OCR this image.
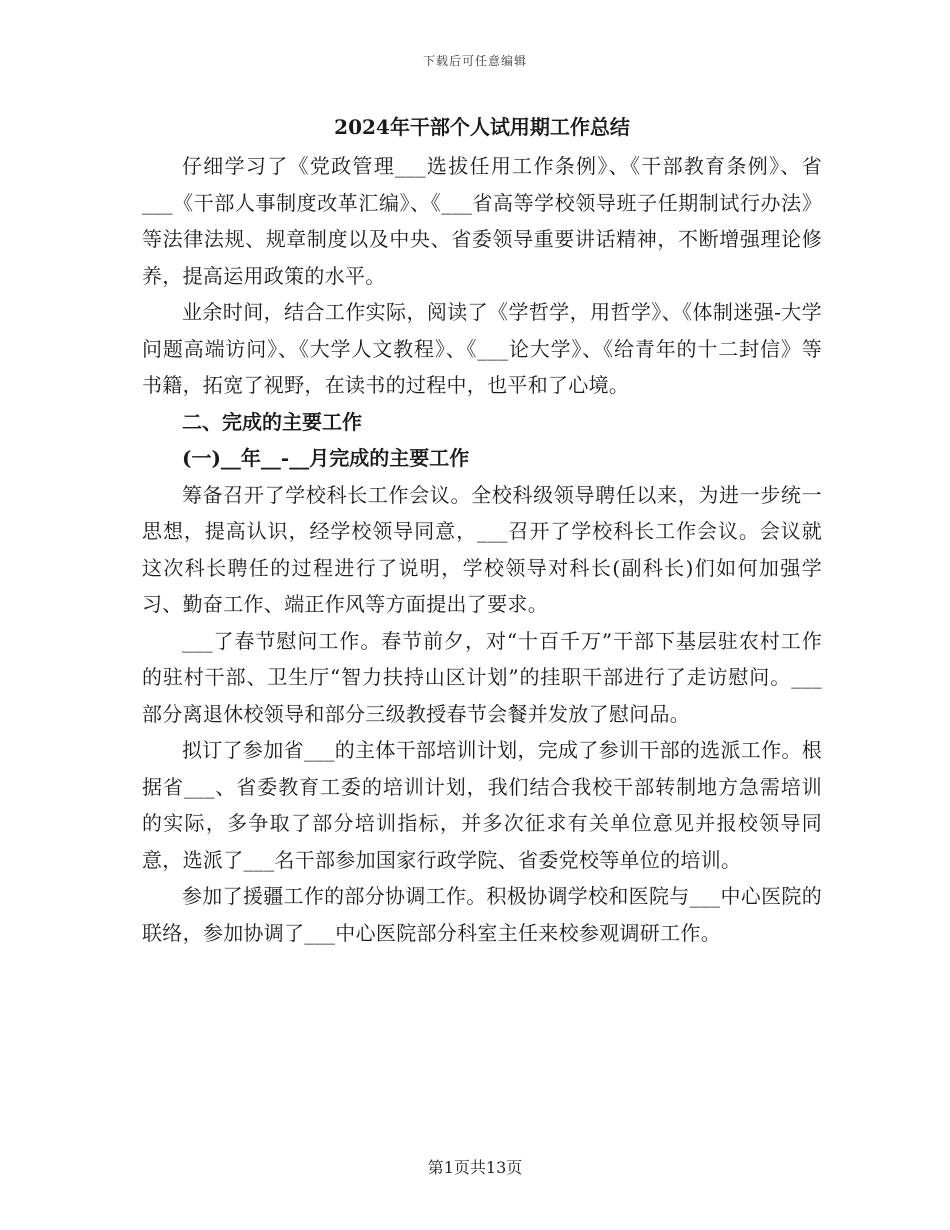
下载后可任意编辑
2024年干部个人试用期工作总结

仔细学习了《党政管理___选拔任用工作条例》、《干部教育条例》、省___《干部人事制度改革汇编》、《___省高等学校领导班子任期制试行办法》等法律法规、规章制度以及中央、省委领导重要讲话精神，不断增强理论修养，提高运用政策的水平。

业余时间，结合工作实际，阅读了《学哲学，用哲学》、《体制迷强-大学问题高端访问》、《大学人文教程》、《___论大学》、《给青年的十二封信》等书籍，拓宽了视野，在读书的过程中，也平和了心境。

二、完成的主要工作
(一)__年__-__月完成的主要工作

筹备召开了学校科长工作会议。全校科级领导聘任以来，为进一步统一思想，提高认识，经学校领导同意，___召开了学校科长工作会议。会议就这次科长聘任的过程进行了说明，学校领导对科长(副科长)们如何加强学习、勤奋工作、端正作风等方面提出了要求。

___了春节慰问工作。春节前夕，对“十百千万”干部下基层驻农村工作的驻村干部、卫生厅“智力扶持山区计划”的挂职干部进行了走访慰问。___部分离退休校领导和部分三级教授春节会餐并发放了慰问品。

拟订了参加省___的主体干部培训计划，完成了参训干部的选派工作。根据省___、省委教育工委的培训计划，我们结合我校干部转制地方急需培训的实际，多争取了部分培训指标，并多次征求有关单位意见并报校领导同意，选派了___名干部参加国家行政学院、省委党校等单位的培训。

参加了援疆工作的部分协调工作。积极协调学校和医院与___中心医院的联络，参加协调了___中心医院部分科室主任来校参观调研工作。

第1页共13页
